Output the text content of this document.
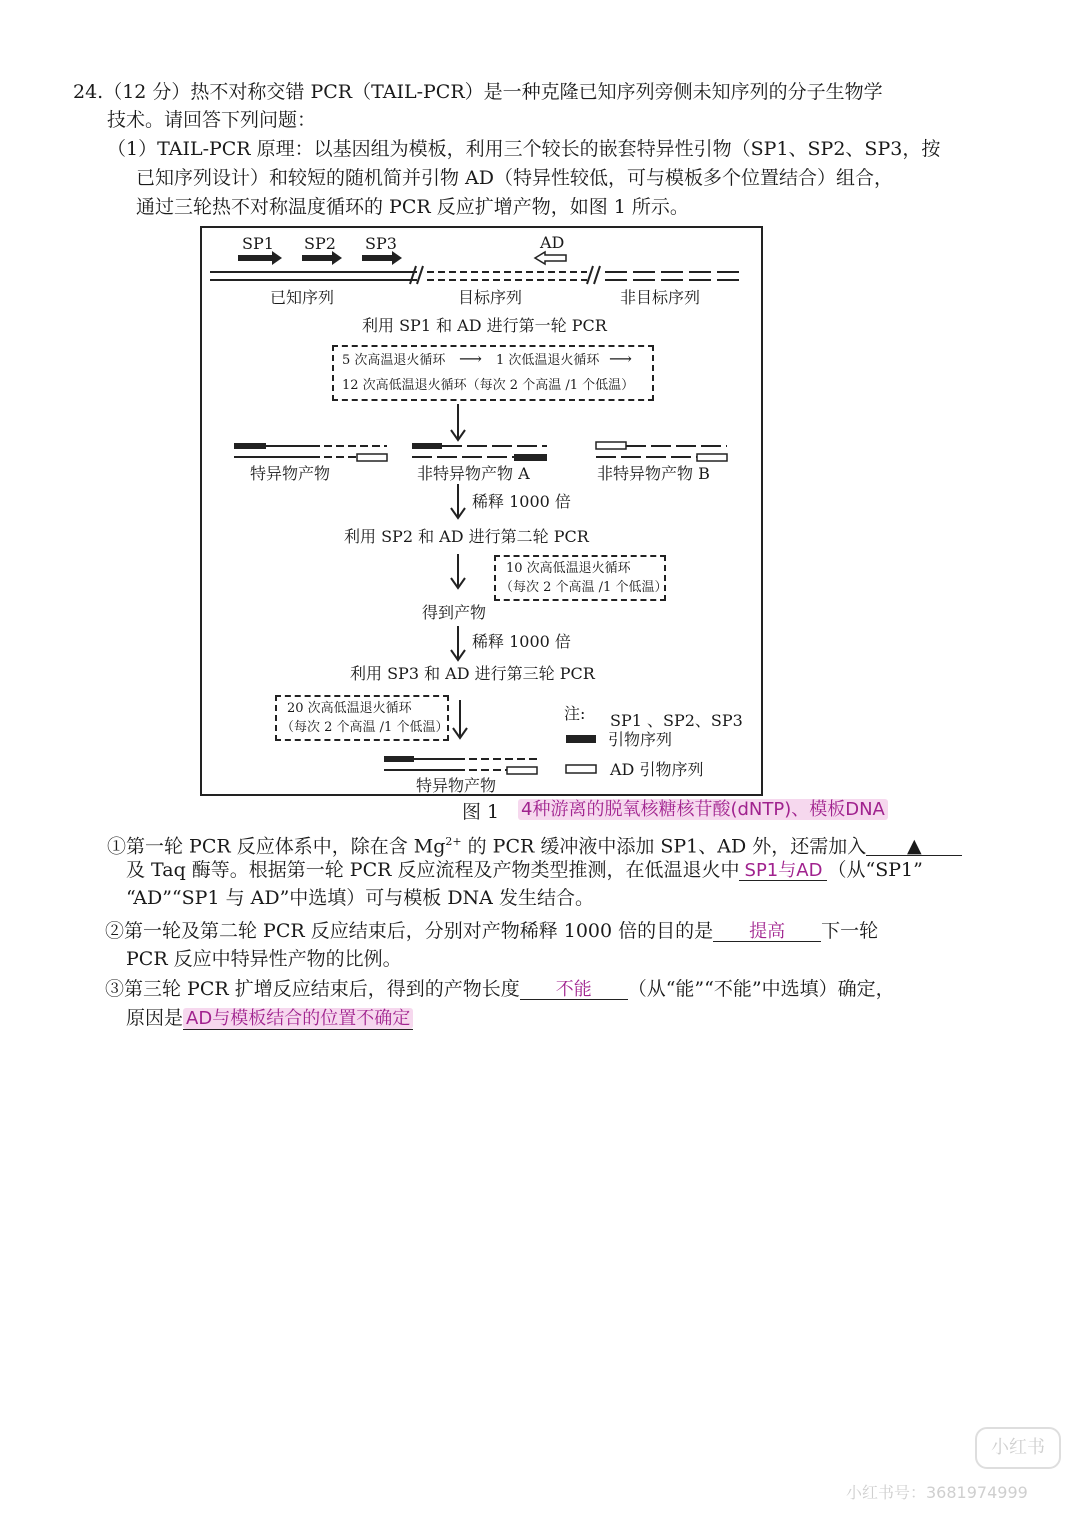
24.（12 分）热不对称交错 PCR（TAIL-PCR）是一种克隆已知序列旁侧未知序列的分子生物学
技术。请回答下列问题：
（1）TAIL-PCR 原理：以基因组为模板，利用三个较长的嵌套特异性引物（SP1、SP2、SP3，按
已知序列设计）和较短的随机简并引物 AD（特异性较低，可与模板多个位置结合）组合，
通过三轮热不对称温度循环的 PCR 反应扩增产物，如图 1 所示。
SP1 SP2 SP3	AD
已知序列	目标序列	非目标序列
利用 SP1 和 AD 进行第一轮 PCR
5 次高温退火循环 ⟶ 1 次低温退火循环 ⟶
12 次高低温退火循环（每次 2 个高温 /1 个低温）
特异物产物	非特异物产物 A	非特异物产物 B
稀释 1000 倍
利用 SP2 和 AD 进行第二轮 PCR
10 次高低温退火循环
（每次 2 个高温 /1 个低温）
得到产物
稀释 1000 倍
利用 SP3 和 AD 进行第三轮 PCR
20 次高低温退火循环
（每次 2 个高温 /1 个低温）
注: SP1 、SP2、SP3
引物序列
AD 引物序列
特异物产物
图 1 4种游离的脱氧核糖核苷酸(dNTP)、模板DNA
①第一轮 PCR 反应体系中，除在含 $Mg^{2+}$ 的 PCR 缓冲液中添加 SP1、AD 外，还需加入 ▲
及 Taq 酶等。根据第一轮 PCR 反应流程及产物类型推测，在低温退火中 SP1与AD （从“SP1”
“AD”“SP1 与 AD”中选填）可与模板 DNA 发生结合。
②第一轮及第二轮 PCR 反应结束后，分别对产物稀释 1000 倍的目的是 提高 下一轮
PCR 反应中特异性产物的比例。
③第三轮 PCR 扩增反应结束后，得到的产物长度 不能 （从“能”“不能”中选填）确定，
原因是 AD与模板结合的位置不确定
小红书
小红书号：3681974999
